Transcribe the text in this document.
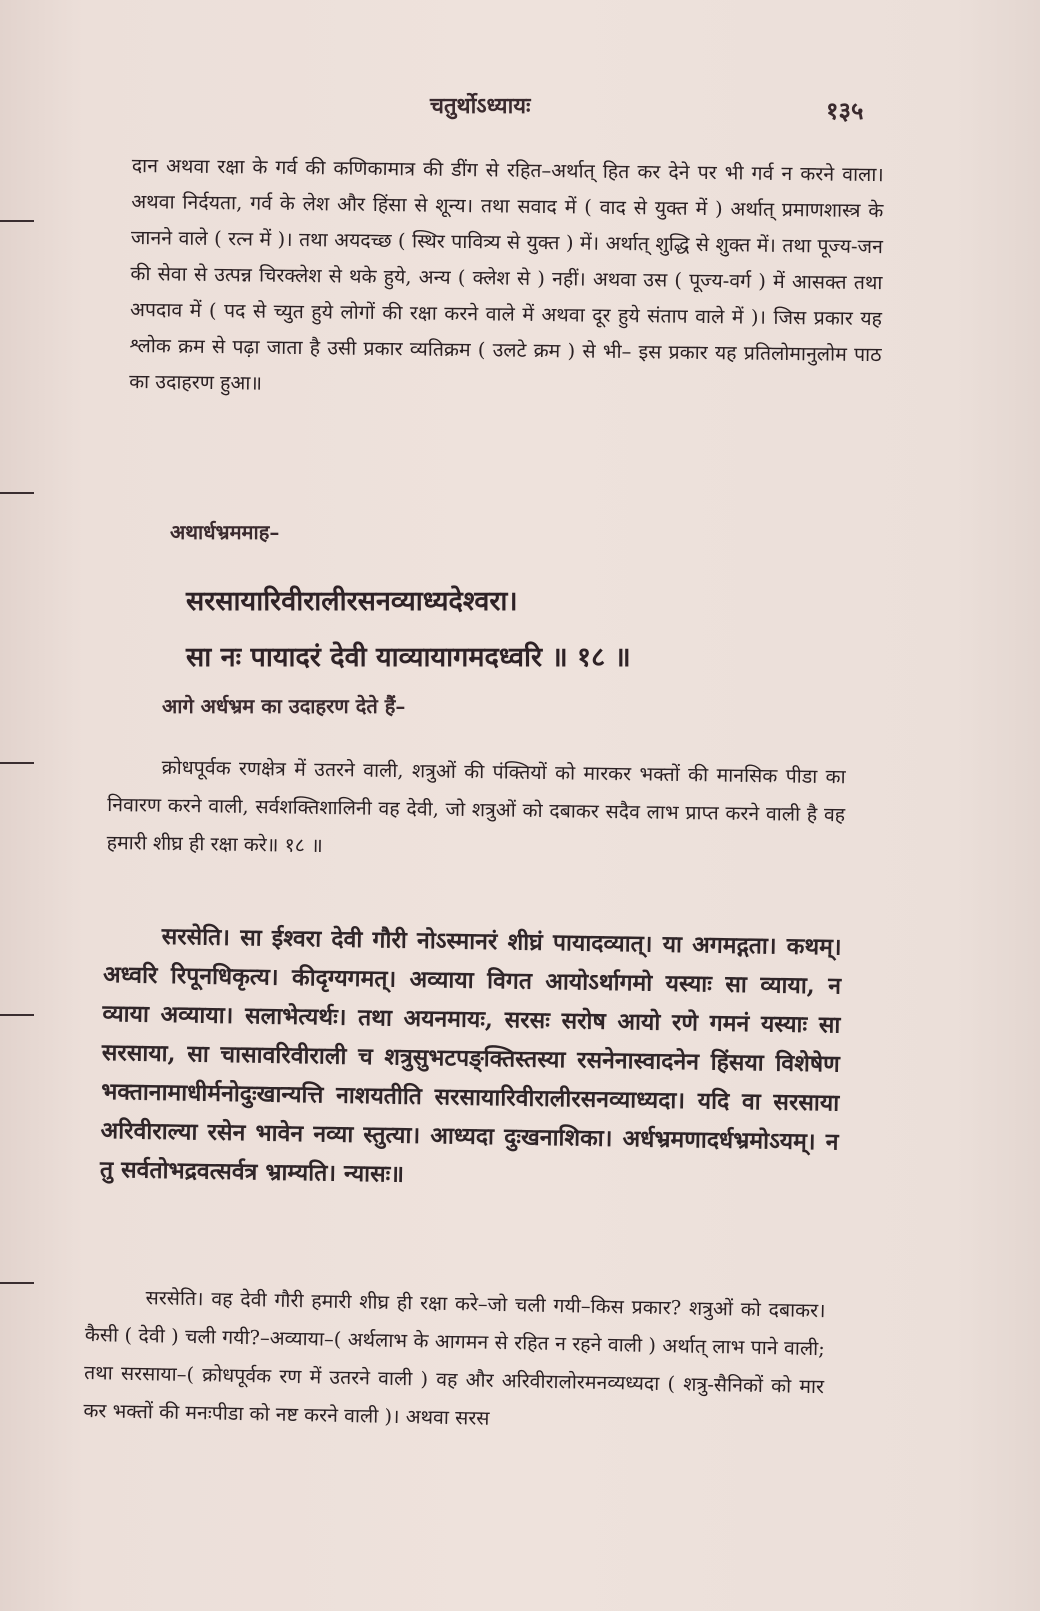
चतुर्थोऽध्यायः	१३५

दान अथवा रक्षा के गर्व की कणिकामात्र की डींग से रहित–अर्थात् हित कर देने पर भी गर्व न करने वाला। अथवा निर्दयता, गर्व के लेश और हिंसा से शून्य। तथा सवाद में ( वाद से युक्त में ) अर्थात् प्रमाणशास्त्र के जानने वाले ( रत्न में )। तथा अयदच्छ ( स्थिर पावित्र्य से युक्त ) में। अर्थात् शुद्धि से शुक्त में। तथा पूज्य-जन की सेवा से उत्पन्न चिरक्लेश से थके हुये, अन्य ( क्लेश से ) नहीं। अथवा उस ( पूज्य-वर्ग ) में आसक्त तथा अपदाव में ( पद से च्युत हुये लोगों की रक्षा करने वाले में अथवा दूर हुये संताप वाले में )। जिस प्रकार यह श्लोक क्रम से पढ़ा जाता है उसी प्रकार व्यतिक्रम ( उलटे क्रम ) से भी– इस प्रकार यह प्रतिलोमानुलोम पाठ का उदाहरण हुआ॥

अथार्धभ्रममाह–
सरसायारिवीरालीरसनव्याध्यदेश्वरा।
सा नः पायादरं देवी याव्यायागमदध्वरि ॥ १८ ॥
आगे अर्धभ्रम का उदाहरण देते हैं–

क्रोधपूर्वक रणक्षेत्र में उतरने वाली, शत्रुओं की पंक्तियों को मारकर भक्तों की मानसिक पीडा का निवारण करने वाली, सर्वशक्तिशालिनी वह देवी, जो शत्रुओं को दबाकर सदैव लाभ प्राप्त करने वाली है वह हमारी शीघ्र ही रक्षा करे॥ १८ ॥

सरसेति। सा ईश्वरा देवी गौरी नोऽस्मानरं शीघ्रं पायादव्यात्। या अगमद्गता। कथम्। अध्वरि रिपूनधिकृत्य। कीदृग्यगमत्। अव्याया विगत आयोऽर्थागमो यस्याः सा व्याया, न व्याया अव्याया। सलाभेत्यर्थः। तथा अयनमायः, सरसः सरोष आयो रणे गमनं यस्याः सा सरसाया, सा चासावरिवीराली च शत्रुसुभटपङ्क्तिस्तस्या रसनेनास्वादनेन हिंसया विशेषेण भक्तानामाधीर्मनोदुःखान्यत्ति नाशयतीति सरसायारिवीरालीरसनव्याध्यदा। यदि वा सरसाया अरिवीराल्या रसेन भावेन नव्या स्तुत्या। आध्यदा दुःखनाशिका। अर्धभ्रमणादर्धभ्रमोऽयम्। न तु सर्वतोभद्रवत्सर्वत्र भ्राम्यति। न्यासः॥

सरसेति। वह देवी गौरी हमारी शीघ्र ही रक्षा करे–जो चली गयी–किस प्रकार? शत्रुओं को दबाकर। कैसी ( देवी ) चली गयी?–अव्याया–( अर्थलाभ के आगमन से रहित न रहने वाली ) अर्थात् लाभ पाने वाली; तथा सरसाया–( क्रोधपूर्वक रण में उतरने वाली ) वह और अरिवीरालोरमनव्यध्यदा ( शत्रु-सैनिकों को मार कर भक्तों की मनःपीडा को नष्ट करने वाली )। अथवा सरस
